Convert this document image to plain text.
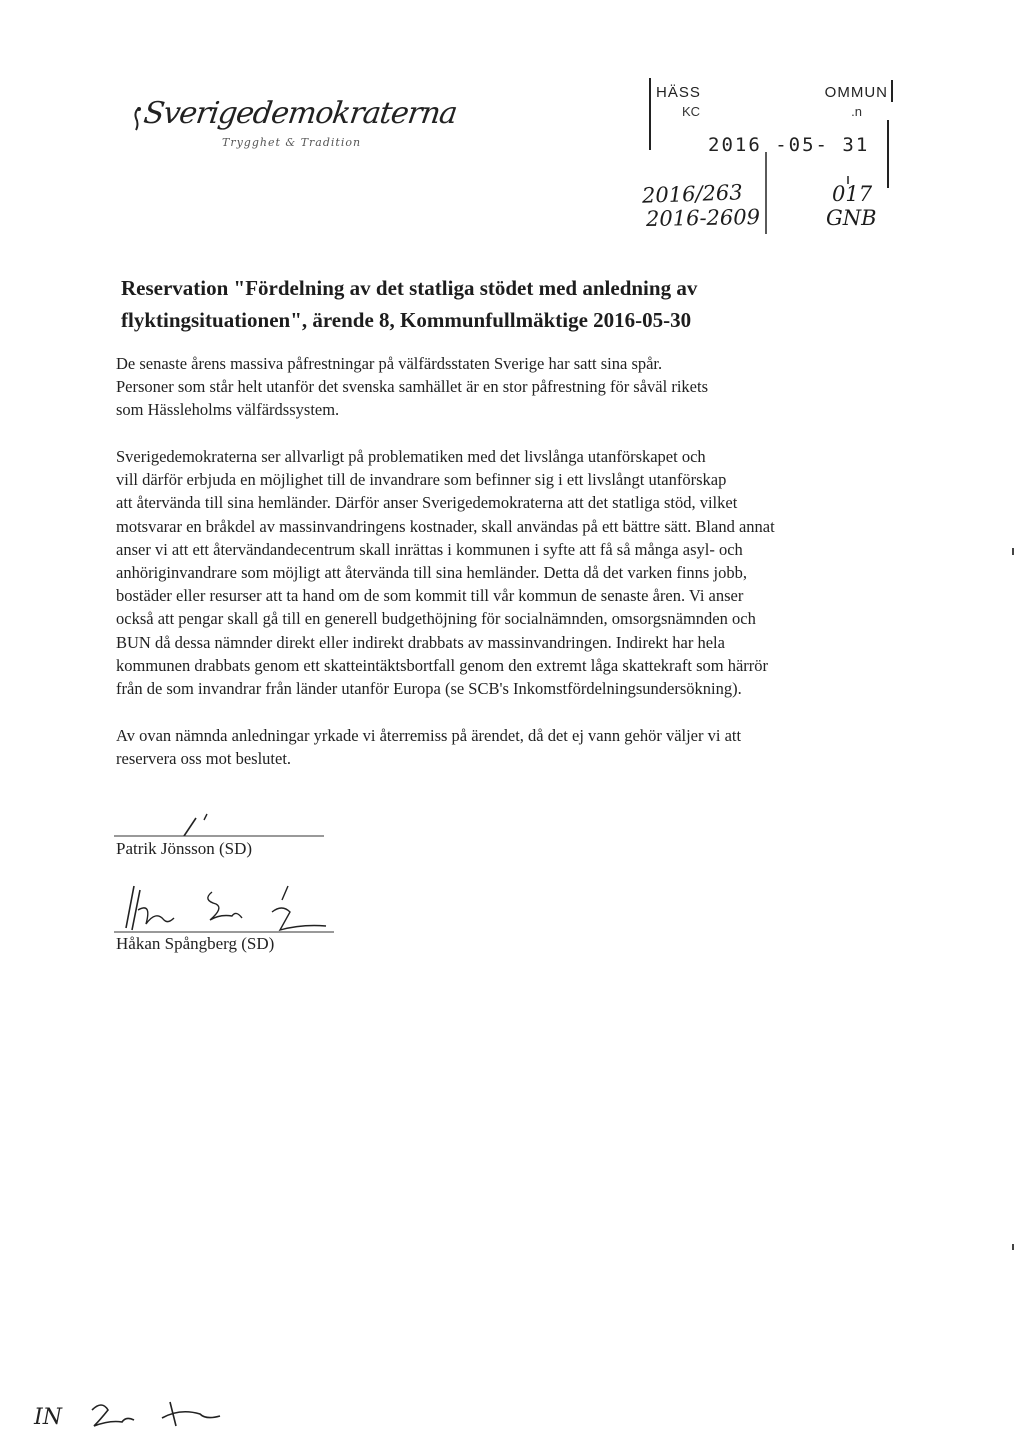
Sverigedemokraterna
Trygghet & Tradition
HÄSS	OMMUN
KC	.n
2016 -05- 31
2016/263
2016-2609
017
GNB
Reservation "Fördelning av det statliga stödet med anledning av
flyktingsituationen", ärende 8, Kommunfullmäktige 2016-05-30
De senaste årens massiva påfrestningar på välfärdsstaten Sverige har satt sina spår.
Personer som står helt utanför det svenska samhället är en stor påfrestning för såväl rikets
som Hässleholms välfärdssystem.
Sverigedemokraterna ser allvarligt på problematiken med det livslånga utanförskapet och
vill därför erbjuda en möjlighet till de invandrare som befinner sig i ett livslångt utanförskap
att återvända till sina hemländer. Därför anser Sverigedemokraterna att det statliga stöd, vilket
motsvarar en bråkdel av massinvandringens kostnader, skall användas på ett bättre sätt. Bland annat
anser vi att ett återvändandecentrum skall inrättas i kommunen i syfte att få så många asyl- och
anhöriginvandrare som möjligt att återvända till sina hemländer. Detta då det varken finns jobb,
bostäder eller resurser att ta hand om de som kommit till vår kommun de senaste åren. Vi anser
också att pengar skall gå till en generell budgethöjning för socialnämnden, omsorgsnämnden och
BUN då dessa nämnder direkt eller indirekt drabbats av massinvandringen. Indirekt har hela
kommunen drabbats genom ett skatteintäktsbortfall genom den extremt låga skattekraft som härrör
från de som invandrar från länder utanför Europa (se SCB's Inkomstfördelningsundersökning).
Av ovan nämnda anledningar yrkade vi återremiss på ärendet, då det ej vann gehör väljer vi att
reservera oss mot beslutet.
Patrik Jönsson (SD)
Håkan Spångberg (SD)
IN
